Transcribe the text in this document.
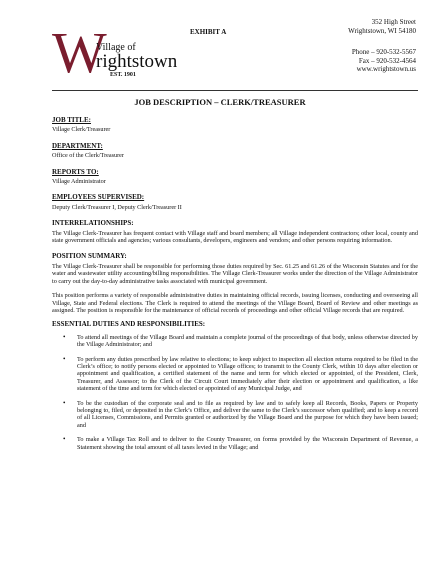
W
Village of
rightstown
EST. 1901
EXHIBIT A
352 High Street
Wrightstown, WI 54180
Phone – 920-532-5567
Fax – 920-532-4564
www.wrightstown.us
JOB DESCRIPTION – CLERK/TREASURER
JOB TITLE:
Village Clerk/Treasurer
DEPARTMENT:
Office of the Clerk/Treasurer
REPORTS TO:
Village Administrator
EMPLOYEES SUPERVISED:
Deputy Clerk/Treasurer I, Deputy Clerk/Treasurer II
INTERRELATIONSHIPS:
The Village Clerk-Treasurer has frequent contact with Village staff and board members; all Village independent contractors; other local, county and state government officials and agencies; various consultants, developers, engineers and vendors; and other persons requiring information.
POSITION SUMMARY:
The Village Clerk-Treasurer shall be responsible for performing those duties required by Sec. 61.25 and 61.26 of the Wisconsin Statutes and for the water and wastewater utility accounting/billing responsibilities. The Village Clerk-Treasurer works under the direction of the Village Administrator to carry out the day-to-day administrative tasks associated with municipal government.
This position performs a variety of responsible administrative duties in maintaining official records, issuing licenses, conducting and overseeing all Village, State and Federal elections. The Clerk is required to attend the meetings of the Village Board, Board of Review and other meetings as assigned. The position is responsible for the maintenance of official records of proceedings and other official Village records that are required.
ESSENTIAL DUTIES AND RESPONSIBILITIES:
• To attend all meetings of the Village Board and maintain a complete journal of the proceedings of that body, unless otherwise directed by the Village Administrator; and
• To perform any duties prescribed by law relative to elections; to keep subject to inspection all election returns required to be filed in the Clerk’s office; to notify persons elected or appointed to Village offices; to transmit to the County Clerk, within 10 days after election or appointment and qualification, a certified statement of the name and term for which elected or appointed, of the President, Clerk, Treasurer, and Assessor; to the Clerk of the Circuit Court immediately after their election or appointment and qualification, a like statement of the time and term for which elected or appointed of any Municipal Judge, and
• To be the custodian of the corporate seal and to file as required by law and to safely keep all Records, Books, Papers or Property belonging to, filed, or deposited in the Clerk’s Office, and deliver the same to the Clerk’s successor when qualified; and to keep a record of all Licenses, Commissions, and Permits granted or authorized by the Village Board and the purpose for which they have been issued; and
• To make a Village Tax Roll and to deliver to the County Treasurer, on forms provided by the Wisconsin Department of Revenue, a Statement showing the total amount of all taxes levied in the Village; and
